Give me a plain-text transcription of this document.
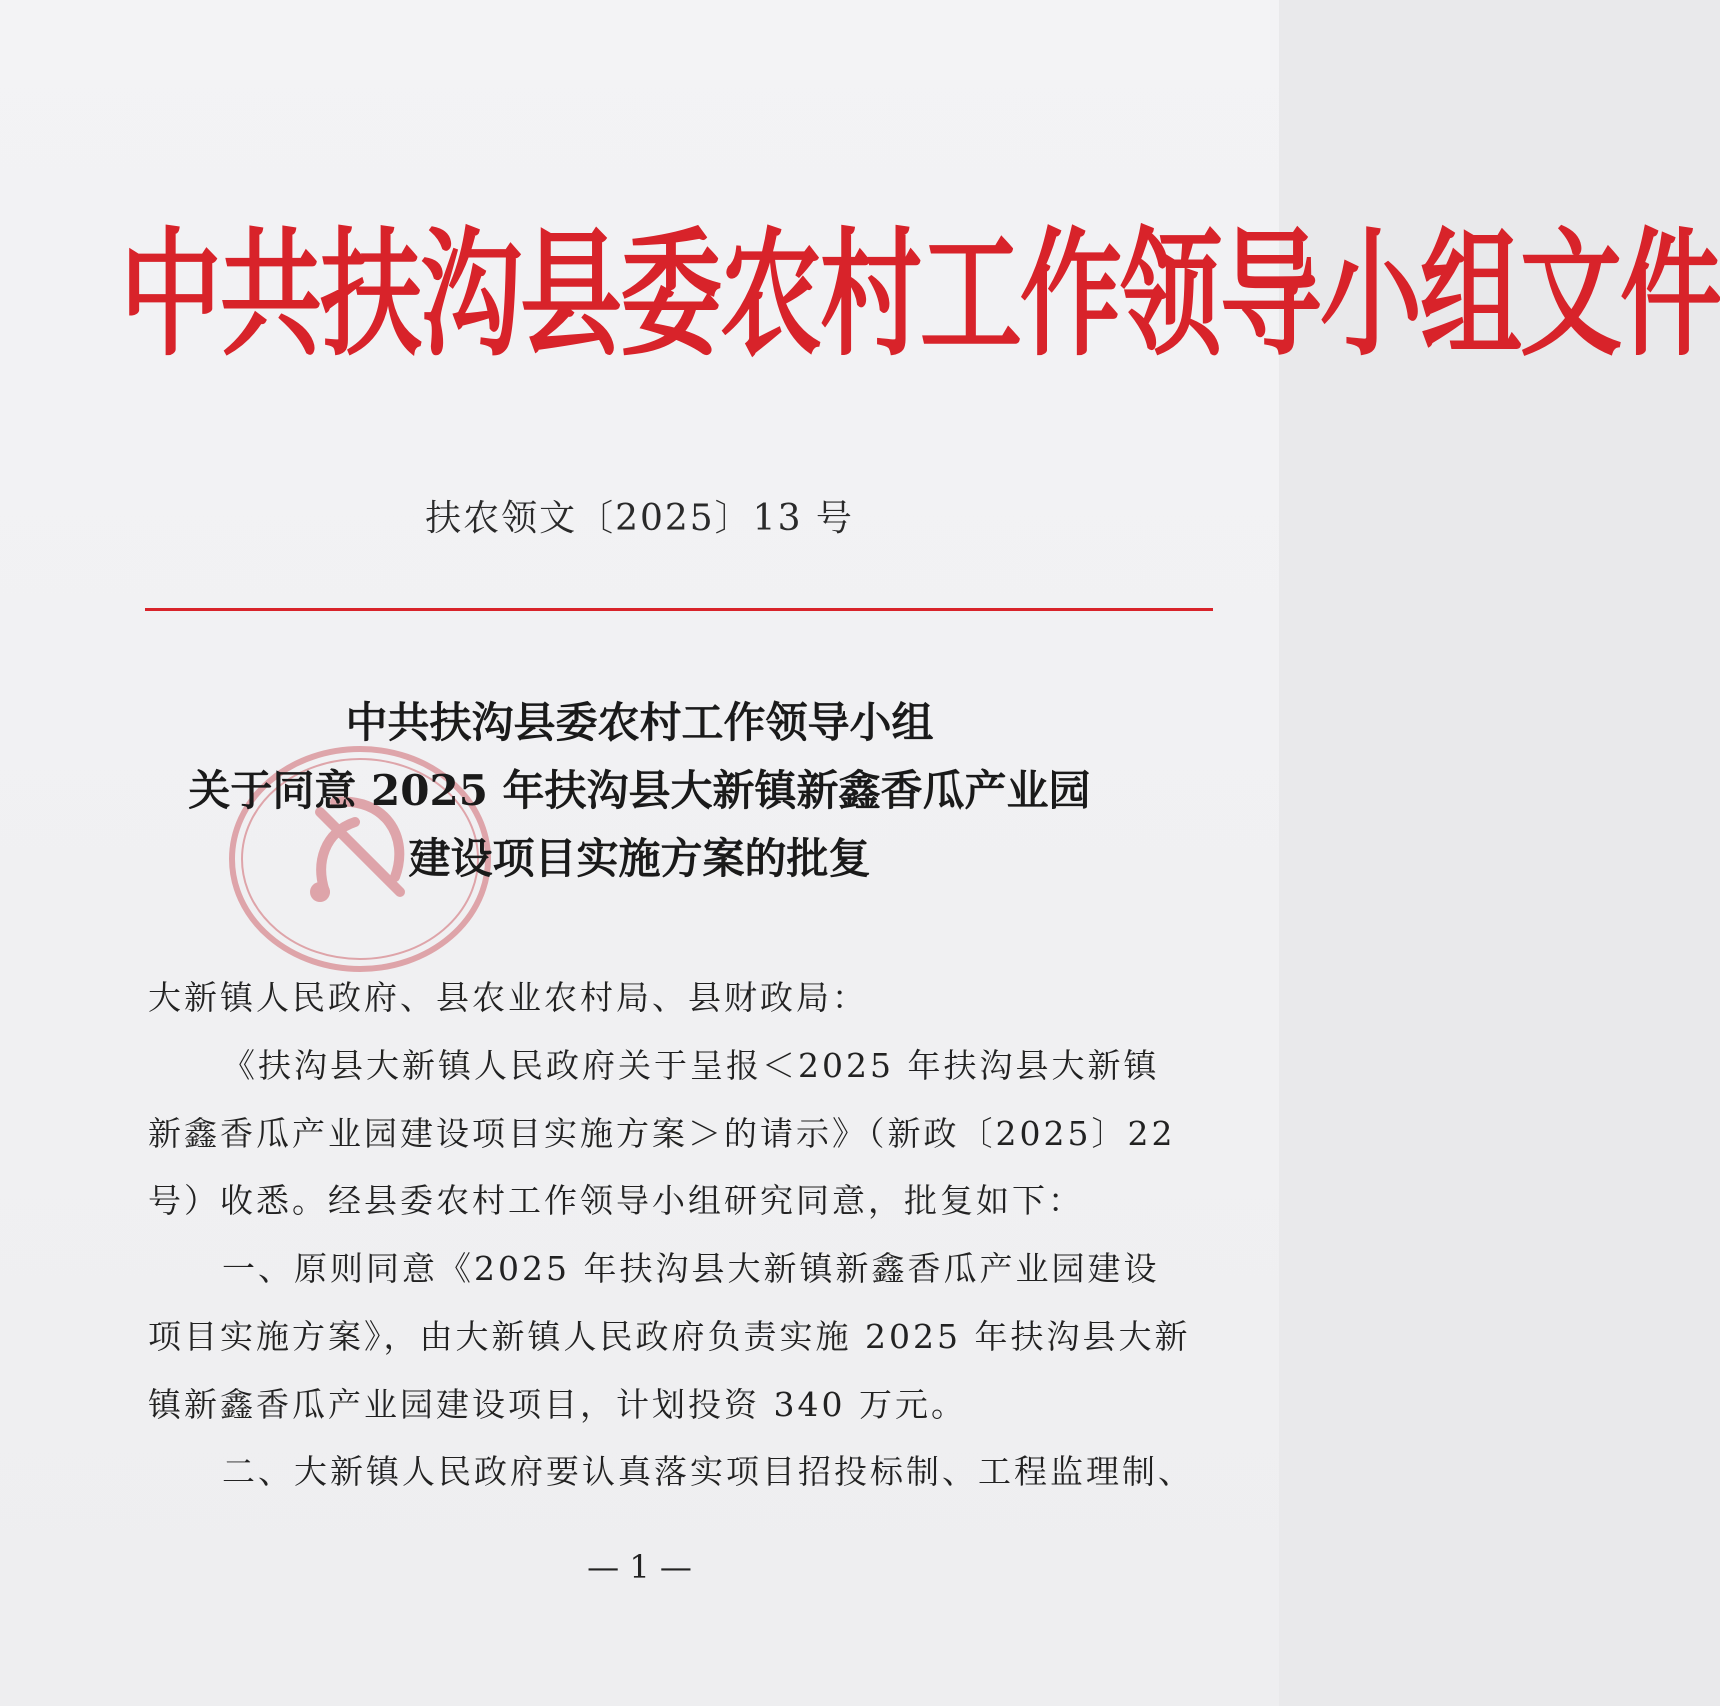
中共扶沟县委农村工作领导小组文件
扶农领文〔2025〕13 号
中共扶沟县委农村工作领导小组
关于同意 2025 年扶沟县大新镇新鑫香瓜产业园
建设项目实施方案的批复
大新镇人民政府、县农业农村局、县财政局：
《扶沟县大新镇人民政府关于呈报＜2025 年扶沟县大新镇
新鑫香瓜产业园建设项目实施方案＞的请示》（新政〔2025〕22
号）收悉。经县委农村工作领导小组研究同意，批复如下：
一、原则同意《2025 年扶沟县大新镇新鑫香瓜产业园建设
项目实施方案》，由大新镇人民政府负责实施 2025 年扶沟县大新
镇新鑫香瓜产业园建设项目，计划投资 340 万元。
二、大新镇人民政府要认真落实项目招投标制、工程监理制、
— 1 —
